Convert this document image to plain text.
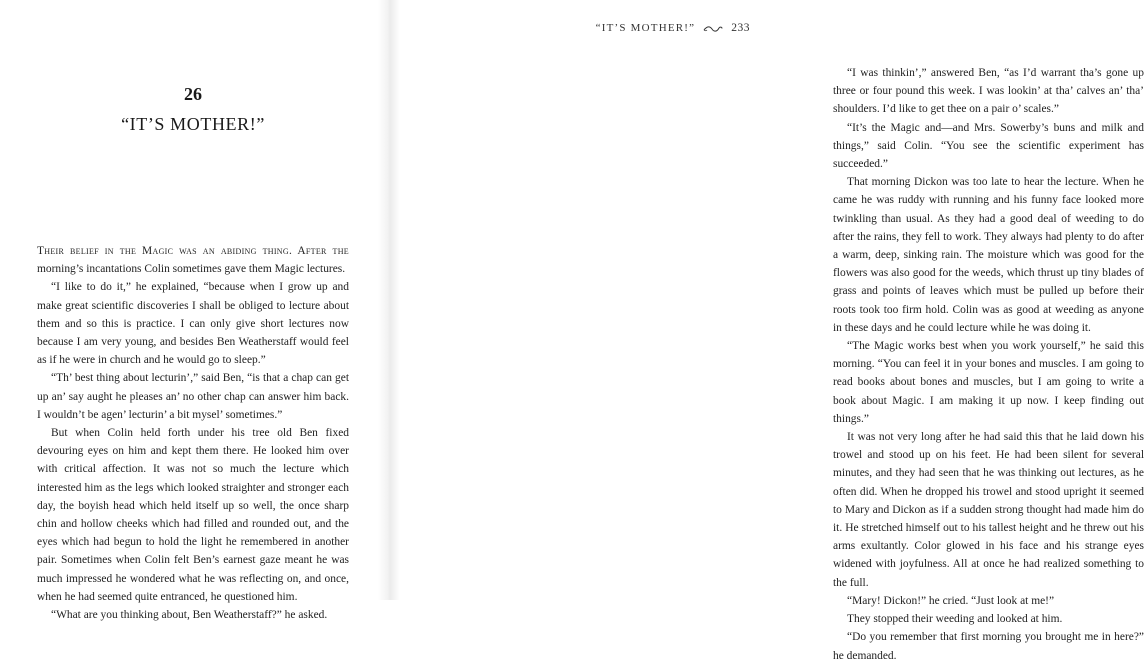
26
“IT’S MOTHER!”

Their belief in the Magic was an abiding thing. After the morning’s incantations Colin sometimes gave them Magic lectures.

“I like to do it,” he explained, “because when I grow up and make great scientific discoveries I shall be obliged to lecture about them and so this is practice. I can only give short lectures now because I am very young, and besides Ben Weatherstaff would feel as if he were in church and he would go to sleep.”

“Th’ best thing about lecturin’,” said Ben, “is that a chap can get up an’ say aught he pleases an’ no other chap can answer him back. I wouldn’t be agen’ lecturin’ a bit mysel’ sometimes.”

But when Colin held forth under his tree old Ben fixed devouring eyes on him and kept them there. He looked him over with critical affection. It was not so much the lecture which interested him as the legs which looked straighter and stronger each day, the boyish head which held itself up so well, the once sharp chin and hollow cheeks which had filled and rounded out, and the eyes which had begun to hold the light he remembered in another pair. Sometimes when Colin felt Ben’s earnest gaze meant he was much impressed he wondered what he was reflecting on, and once, when he had seemed quite entranced, he questioned him.

“What are you thinking about, Ben Weatherstaff?” he asked.

“IT’S MOTHER!”	233

“I was thinkin’,” answered Ben, “as I’d warrant tha’s gone up three or four pound this week. I was lookin’ at tha’ calves an’ tha’ shoulders. I’d like to get thee on a pair o’ scales.”

“It’s the Magic and—and Mrs. Sowerby’s buns and milk and things,” said Colin. “You see the scientific experiment has succeeded.”

That morning Dickon was too late to hear the lecture. When he came he was ruddy with running and his funny face looked more twinkling than usual. As they had a good deal of weeding to do after the rains, they fell to work. They always had plenty to do after a warm, deep, sinking rain. The moisture which was good for the flowers was also good for the weeds, which thrust up tiny blades of grass and points of leaves which must be pulled up before their roots took too firm hold. Colin was as good at weeding as anyone in these days and he could lecture while he was doing it.

“The Magic works best when you work yourself,” he said this morning. “You can feel it in your bones and muscles. I am going to read books about bones and muscles, but I am going to write a book about Magic. I am making it up now. I keep finding out things.”

It was not very long after he had said this that he laid down his trowel and stood up on his feet. He had been silent for several minutes, and they had seen that he was thinking out lectures, as he often did. When he dropped his trowel and stood upright it seemed to Mary and Dickon as if a sudden strong thought had made him do it. He stretched himself out to his tallest height and he threw out his arms exultantly. Color glowed in his face and his strange eyes widened with joyfulness. All at once he had realized something to the full.

“Mary! Dickon!” he cried. “Just look at me!”

They stopped their weeding and looked at him.

“Do you remember that first morning you brought me in here?” he demanded.
